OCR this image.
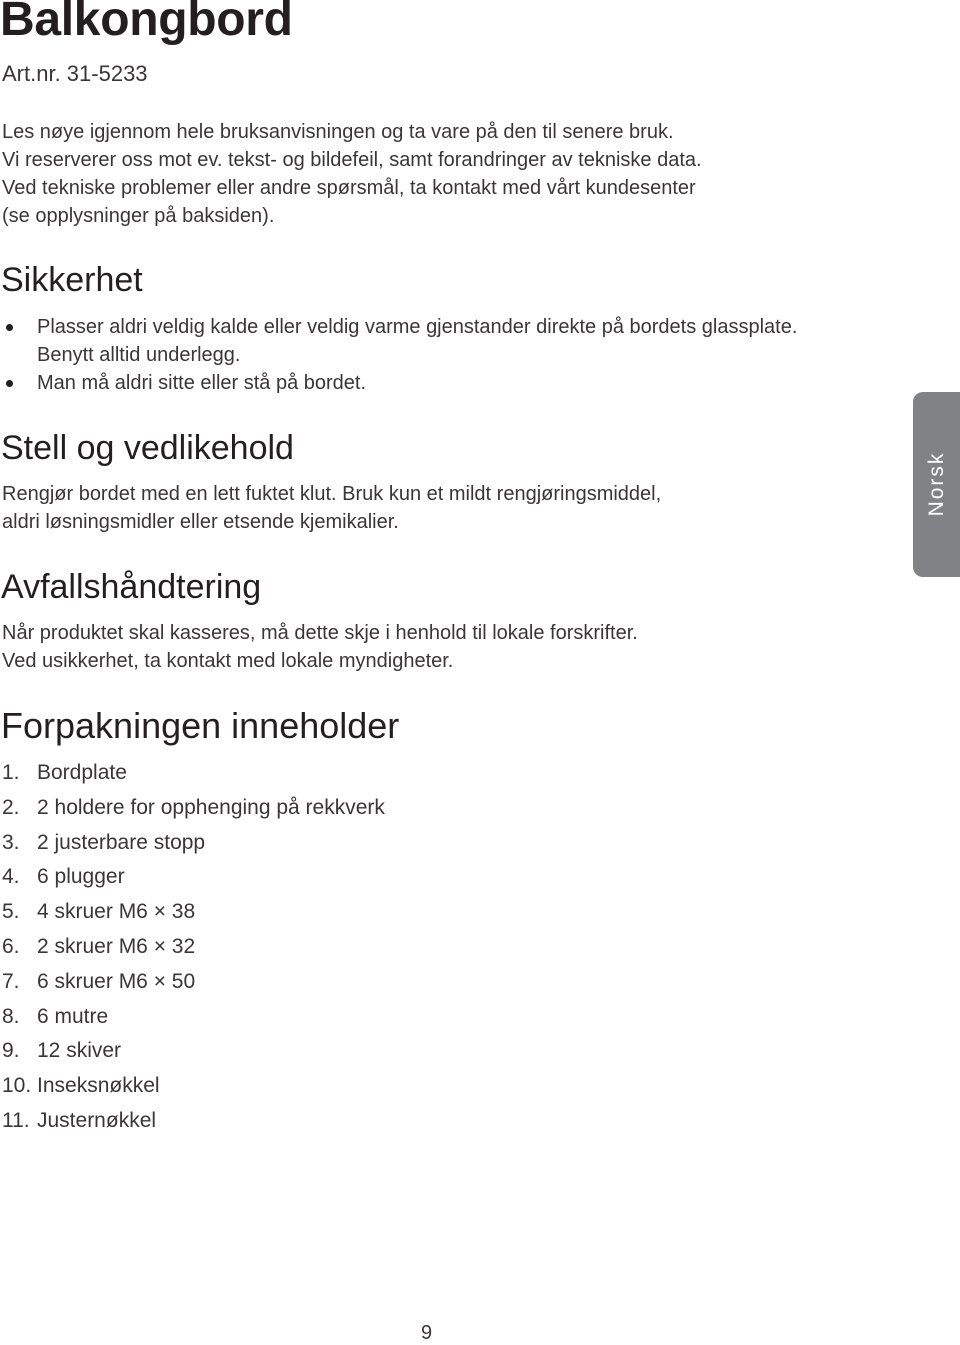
Balkongbord
Art.nr. 31-5233
Les nøye igjennom hele bruksanvisningen og ta vare på den til senere bruk.
Vi reserverer oss mot ev. tekst- og bildefeil, samt forandringer av tekniske data.
Ved tekniske problemer eller andre spørsmål, ta kontakt med vårt kundesenter
(se opplysninger på baksiden).
Sikkerhet
Plasser aldri veldig kalde eller veldig varme gjenstander direkte på bordets glassplate.
Benytt alltid underlegg.
Man må aldri sitte eller stå på bordet.
Stell og vedlikehold
Rengjør bordet med en lett fuktet klut. Bruk kun et mildt rengjøringsmiddel,
aldri løsningsmidler eller etsende kjemikalier.
Avfallshåndtering
Når produktet skal kasseres, må dette skje i henhold til lokale forskrifter.
Ved usikkerhet, ta kontakt med lokale myndigheter.
Forpakningen inneholder
1. Bordplate
2. 2 holdere for opphenging på rekkverk
3. 2 justerbare stopp
4. 6 plugger
5. 4 skruer M6 × 38
6. 2 skruer M6 × 32
7. 6 skruer M6 × 50
8. 6 mutre
9. 12 skiver
10. Inseksnøkkel
11. Justernøkkel
Norsk
9
